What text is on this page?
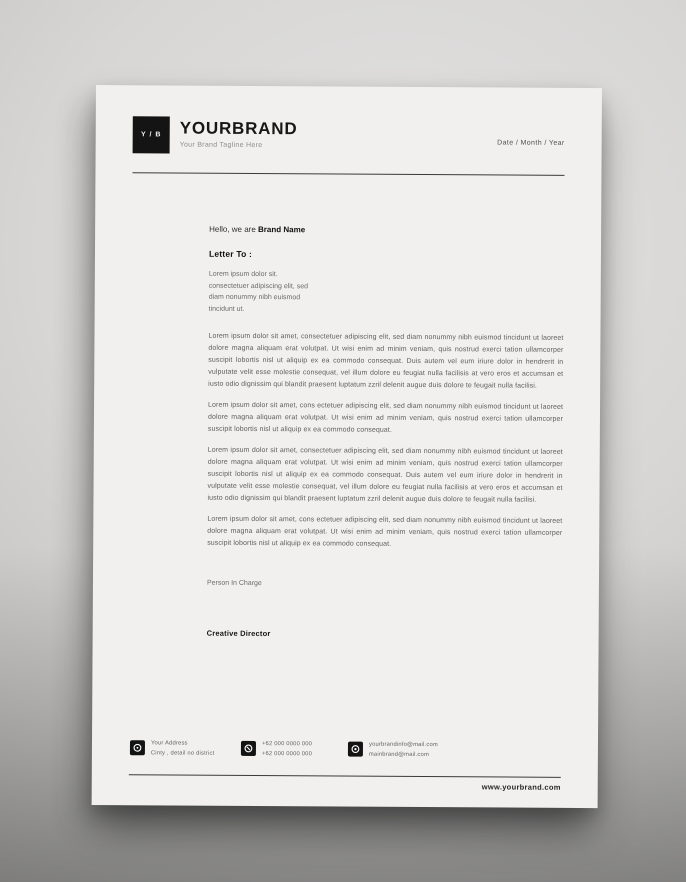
Y / B YOURBRAND
Your Brand Tagline Here	Date / Month / Year
Hello, we are Brand Name
Letter To :
Lorem ipsum dolor sit.
consectetuer adipiscing elit, sed
diam nonummy nibh euismod
tincidunt ut.
Lorem ipsum dolor sit amet, consectetuer adipiscing elit, sed diam nonummy nibh euismod tincidunt ut laoreet dolore magna aliquam erat volutpat. Ut wisi enim ad minim veniam, quis nostrud exerci tation ullamcorper suscipit lobortis nisl ut aliquip ex ea commodo consequat. Duis autem vel eum iriure dolor in hendrerit in vulputate velit esse molestie consequat, vel illum dolore eu feugiat nulla facilisis at vero eros et accumsan et iusto odio dignissim qui blandit praesent luptatum zzril delenit augue duis dolore te feugait nulla facilisi.
Lorem ipsum dolor sit amet, cons ectetuer adipiscing elit, sed diam nonummy nibh euismod tincidunt ut laoreet dolore magna aliquam erat volutpat. Ut wisi enim ad minim veniam, quis nostrud exerci tation ullamcorper suscipit lobortis nisl ut aliquip ex ea commodo consequat.
Lorem ipsum dolor sit amet, consectetuer adipiscing elit, sed diam nonummy nibh euismod tincidunt ut laoreet dolore magna aliquam erat volutpat. Ut wisi enim ad minim veniam, quis nostrud exerci tation ullamcorper suscipit lobortis nisl ut aliquip ex ea commodo consequat. Duis autem vel eum iriure dolor in hendrerit in vulputate velit esse molestie consequat, vel illum dolore eu feugiat nulla facilisis at vero eros et accumsan et iusto odio dignissim qui blandit praesent luptatum zzril delenit augue duis dolore te feugait nulla facilisi.
Lorem ipsum dolor sit amet, cons ectetuer adipiscing elit, sed diam nonummy nibh euismod tincidunt ut laoreet dolore magna aliquam erat volutpat. Ut wisi enim ad minim veniam, quis nostrud exerci tation ullamcorper suscipit lobortis nisl ut aliquip ex ea commodo consequat.
Person In Charge
Creative Director
Your Address
Cinty , detail no district
+62 000 0000 000
+62 000 0000 000
yourbrandinfo@mail.com
mainbrand@mail.com
www.yourbrand.com
